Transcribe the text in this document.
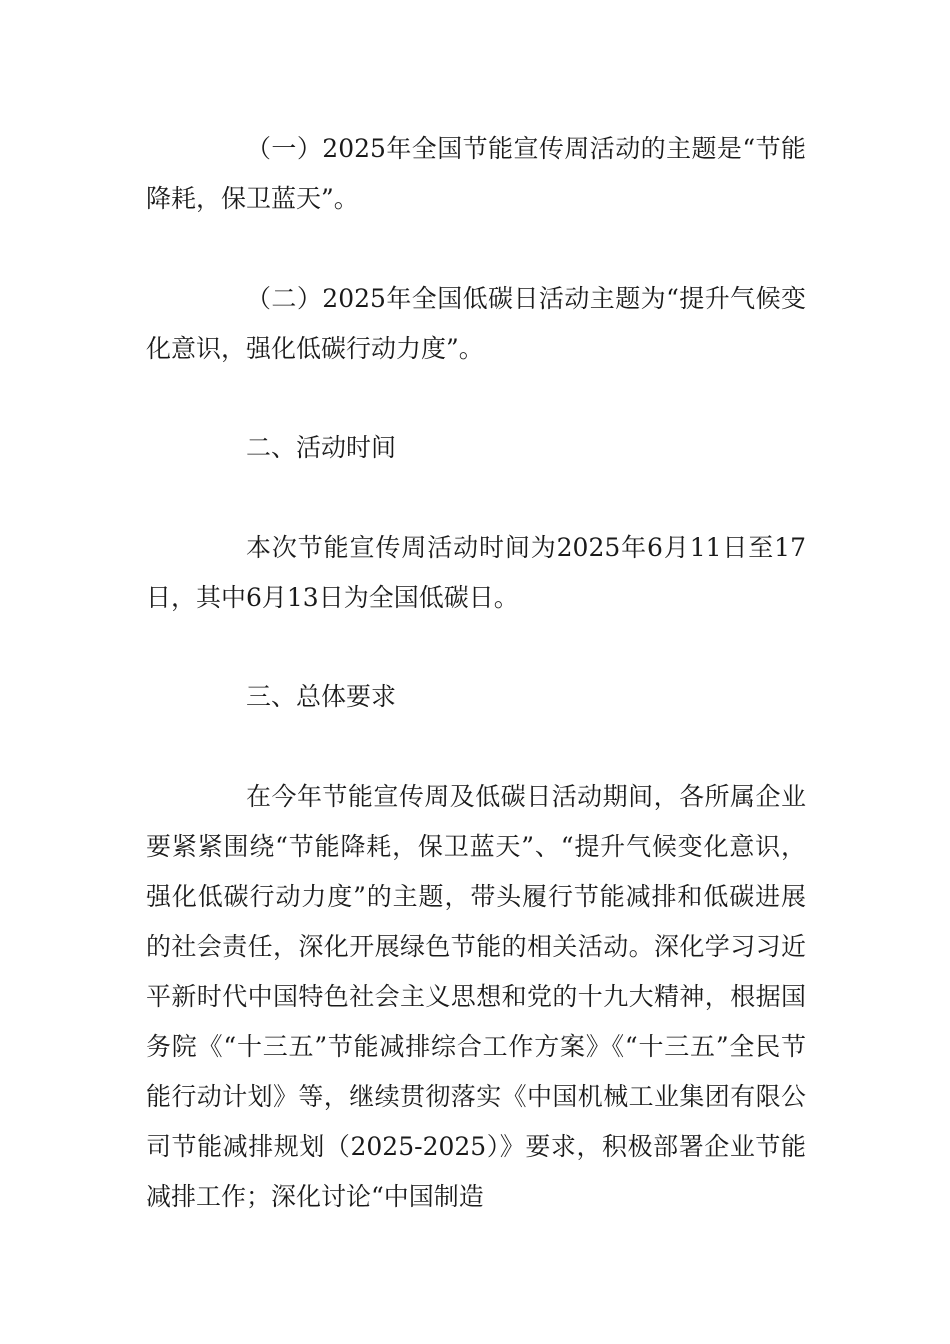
（一）2025年全国节能宣传周活动的主题是“节能降耗，保卫蓝天”。

（二）2025年全国低碳日活动主题为“提升气候变化意识，强化低碳行动力度”。

二、活动时间

本次节能宣传周活动时间为2025年6月11日至17日，其中6月13日为全国低碳日。

三、总体要求

在今年节能宣传周及低碳日活动期间，各所属企业要紧紧围绕“节能降耗，保卫蓝天”、“提升气候变化意识，强化低碳行动力度”的主题，带头履行节能减排和低碳进展的社会责任，深化开展绿色节能的相关活动。深化学习习近平新时代中国特色社会主义思想和党的十九大精神，根据国务院《“十三五”节能减排综合工作方案》《“十三五”全民节能行动计划》等，继续贯彻落实《中国机械工业集团有限公司节能减排规划（2025-2025）》要求，积极部署企业节能减排工作；深化讨论“中国制造
